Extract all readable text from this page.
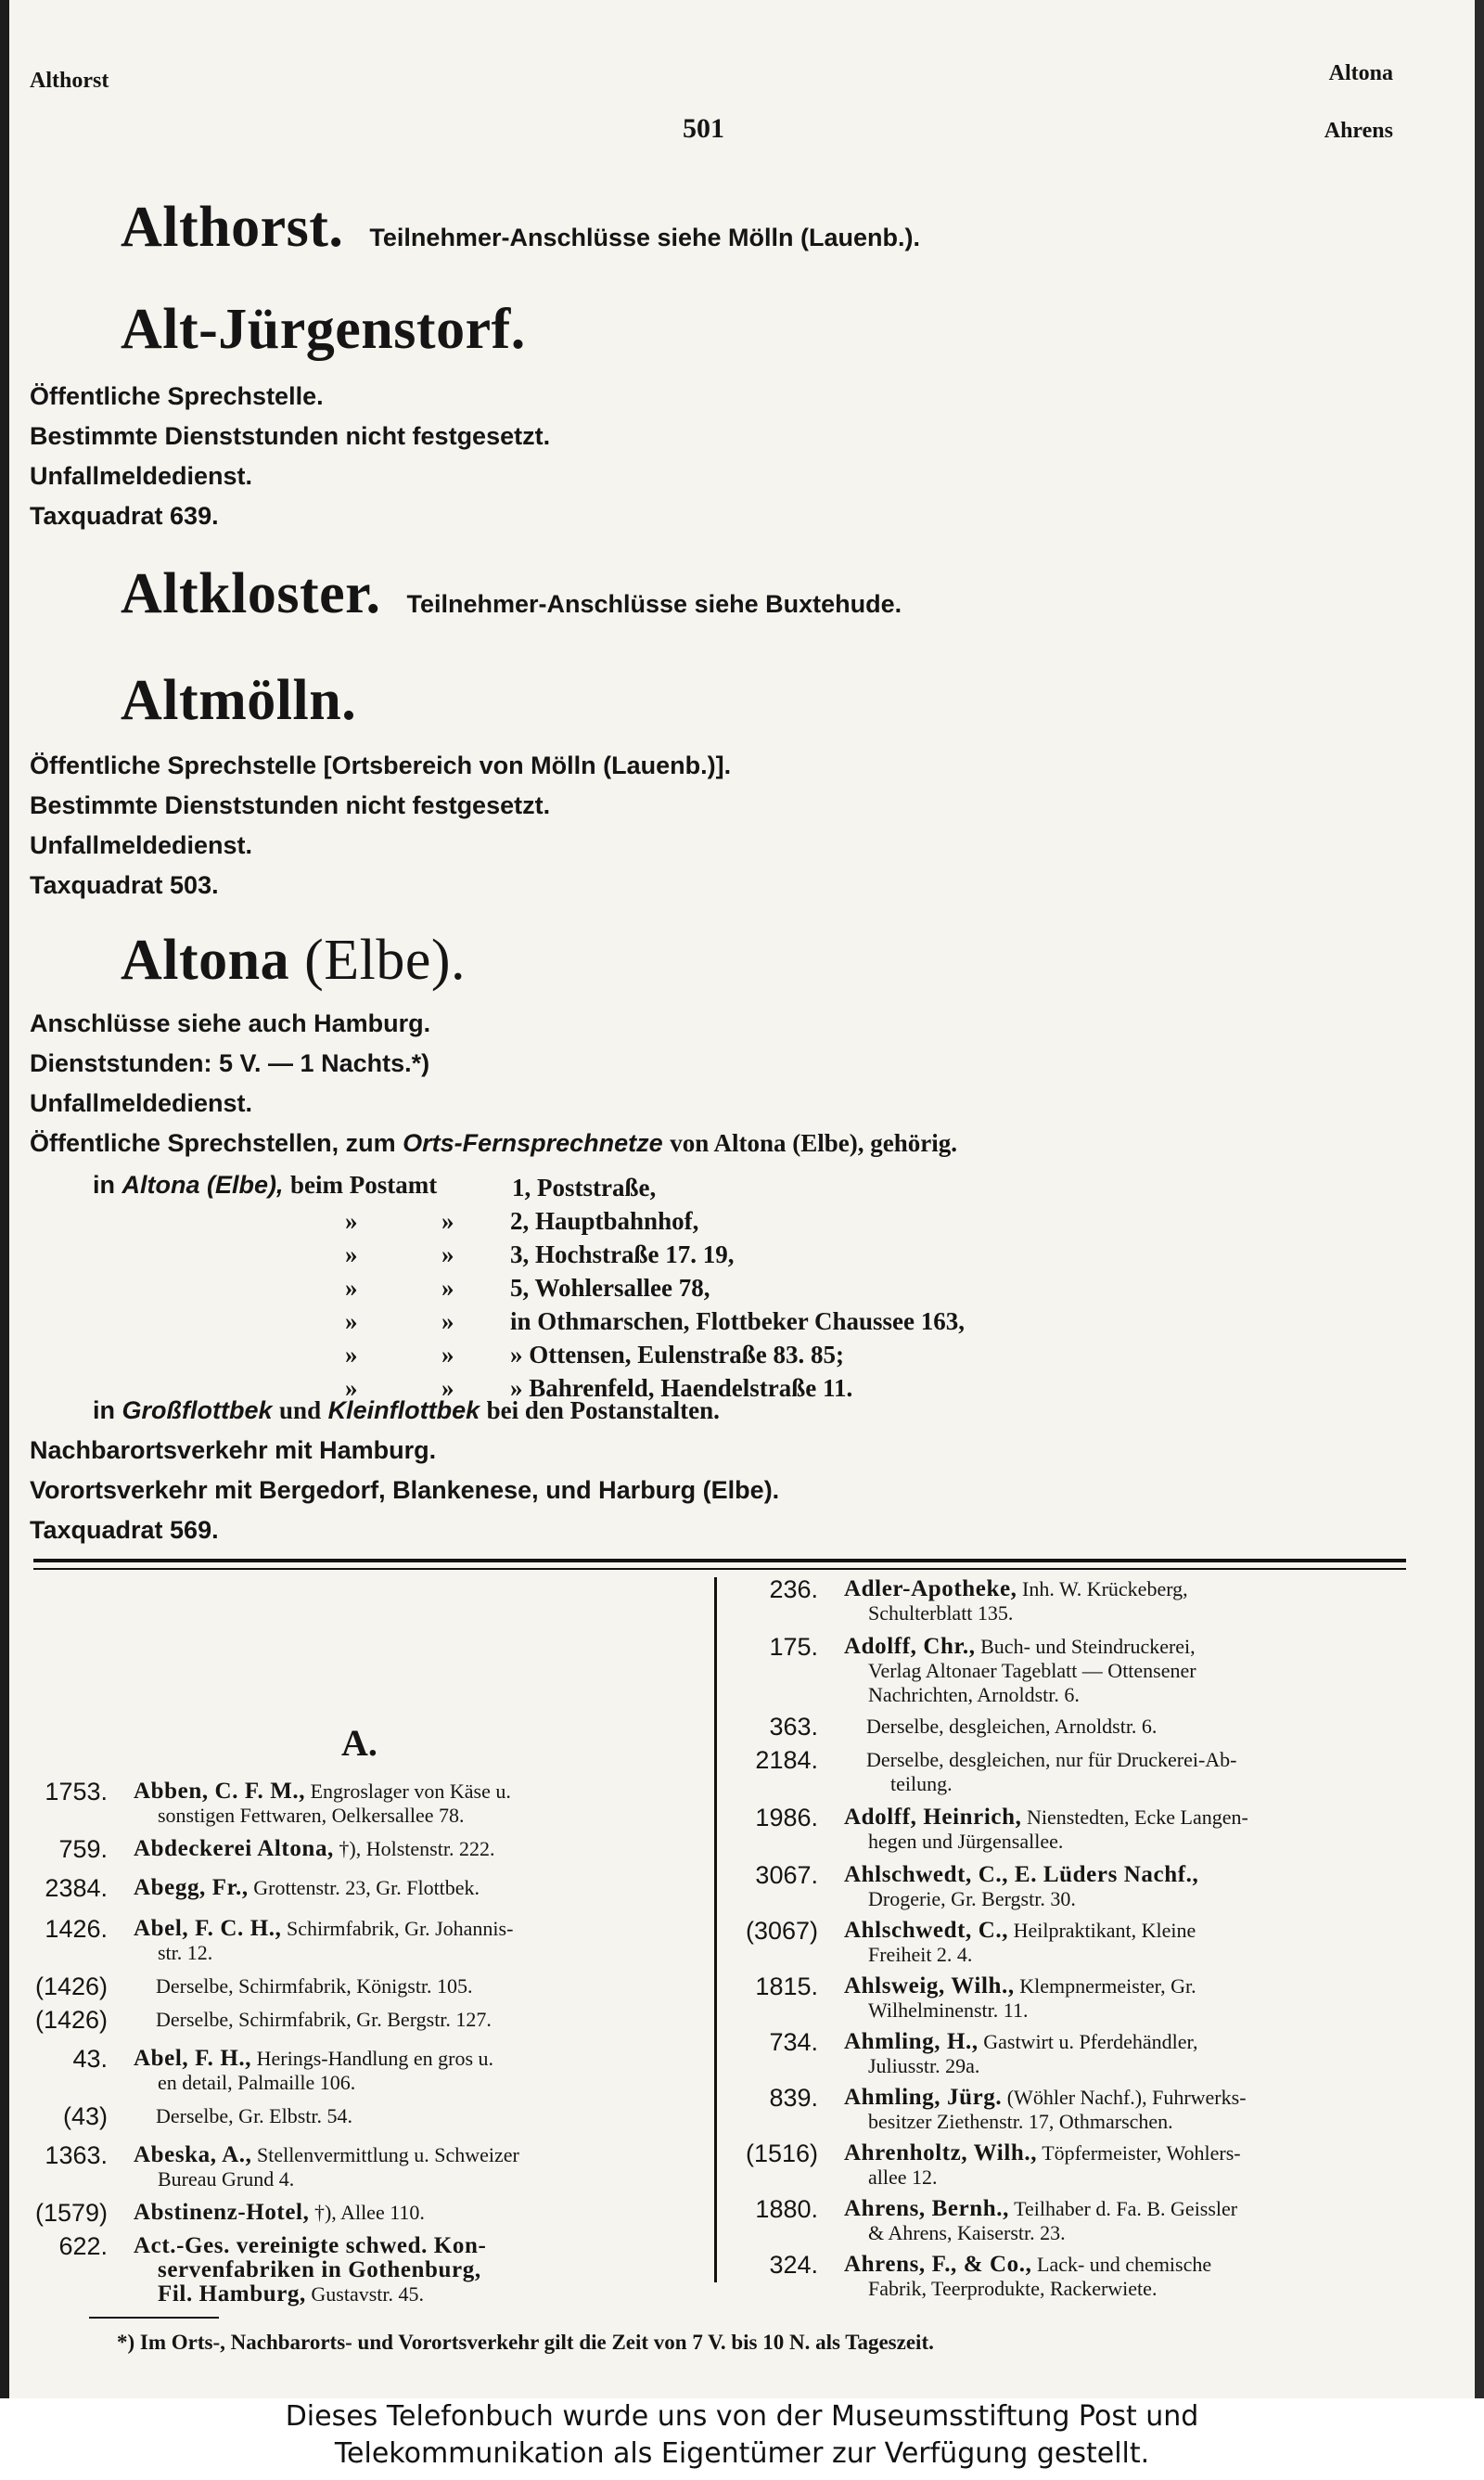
Althorst	Altona
Ahrens
501
Althorst. Teilnehmer-Anschlüsse siehe Mölln (Lauenb.).
Alt-Jürgenstorf.
Öffentliche Sprechstelle.
Bestimmte Dienststunden nicht festgesetzt.
Unfallmeldedienst.
Taxquadrat 639.
Altkloster. Teilnehmer-Anschlüsse siehe Buxtehude.
Altmölln.
Öffentliche Sprechstelle [Ortsbereich von Mölln (Lauenb.)].
Bestimmte Dienststunden nicht festgesetzt.
Unfallmeldedienst.
Taxquadrat 503.
Altona (Elbe).
Anschlüsse siehe auch Hamburg.
Dienststunden: 5 V. — 1 Nachts.*)
Unfallmeldedienst.
Öffentliche Sprechstellen, zum Orts-Fernsprechnetze von Altona (Elbe), gehörig.
in Altona (Elbe), beim Postamt	1, Poststraße,
»	» 2, Hauptbahnhof,
»	» 3, Hochstraße 17. 19,
»	» 5, Wohlersallee 78,
»	» in Othmarschen, Flottbeker Chaussee 163,
»	» » Ottensen, Eulenstraße 83. 85;
»	» » Bahrenfeld, Haendelstraße 11.
in Großflottbek und Kleinflottbek bei den Postanstalten.
Nachbarortsverkehr mit Hamburg.
Vorortsverkehr mit Bergedorf, Blankenese, und Harburg (Elbe).
Taxquadrat 569.
A.
1753. Abben, C. F. M., Engroslager von Käse u.
sonstigen Fettwaren, Oelkersallee 78.
759. Abdeckerei Altona, †), Holstenstr. 222.
2384. Abegg, Fr., Grottenstr. 23, Gr. Flottbek.
1426. Abel, F. C. H., Schirmfabrik, Gr. Johannis-
str. 12.
(1426)	Derselbe, Schirmfabrik, Königstr. 105.
(1426)	Derselbe, Schirmfabrik, Gr. Bergstr. 127.
43. Abel, F. H., Herings-Handlung en gros u.
en detail, Palmaille 106.
(43)	Derselbe, Gr. Elbstr. 54.
1363. Abeska, A., Stellenvermittlung u. Schweizer
Bureau Grund 4.
(1579) Abstinenz-Hotel, †), Allee 110.
622. Act.-Ges. vereinigte schwed. Kon-
servenfabriken in Gothenburg,
Fil. Hamburg, Gustavstr. 45.
236. Adler-Apotheke, Inh. W. Krückeberg,
Schulterblatt 135.
175. Adolff, Chr., Buch- und Steindruckerei,
Verlag Altonaer Tageblatt — Ottensener
Nachrichten, Arnoldstr. 6.
363.	Derselbe, desgleichen, Arnoldstr. 6.
2184.	Derselbe, desgleichen, nur für Druckerei-Ab-
teilung.
1986. Adolff, Heinrich, Nienstedten, Ecke Langen-
hegen und Jürgensallee.
3067. Ahlschwedt, C., E. Lüders Nachf.,
Drogerie, Gr. Bergstr. 30.
(3067) Ahlschwedt, C., Heilpraktikant, Kleine
Freiheit 2. 4.
1815. Ahlsweig, Wilh., Klempnermeister, Gr.
Wilhelminenstr. 11.
734. Ahmling, H., Gastwirt u. Pferdehändler,
Juliusstr. 29a.
839. Ahmling, Jürg. (Wöhler Nachf.), Fuhrwerks-
besitzer Ziethenstr. 17, Othmarschen.
(1516) Ahrenholtz, Wilh., Töpfermeister, Wohlers-
allee 12.
1880. Ahrens, Bernh., Teilhaber d. Fa. B. Geissler
& Ahrens, Kaiserstr. 23.
324. Ahrens, F., & Co., Lack- und chemische
Fabrik, Teerprodukte, Rackerwiete.
*) Im Orts-, Nachbarorts- und Vorortsverkehr gilt die Zeit von 7 V. bis 10 N. als Tageszeit.
Dieses Telefonbuch wurde uns von der Museumsstiftung Post und
Telekommunikation als Eigentümer zur Verfügung gestellt.
